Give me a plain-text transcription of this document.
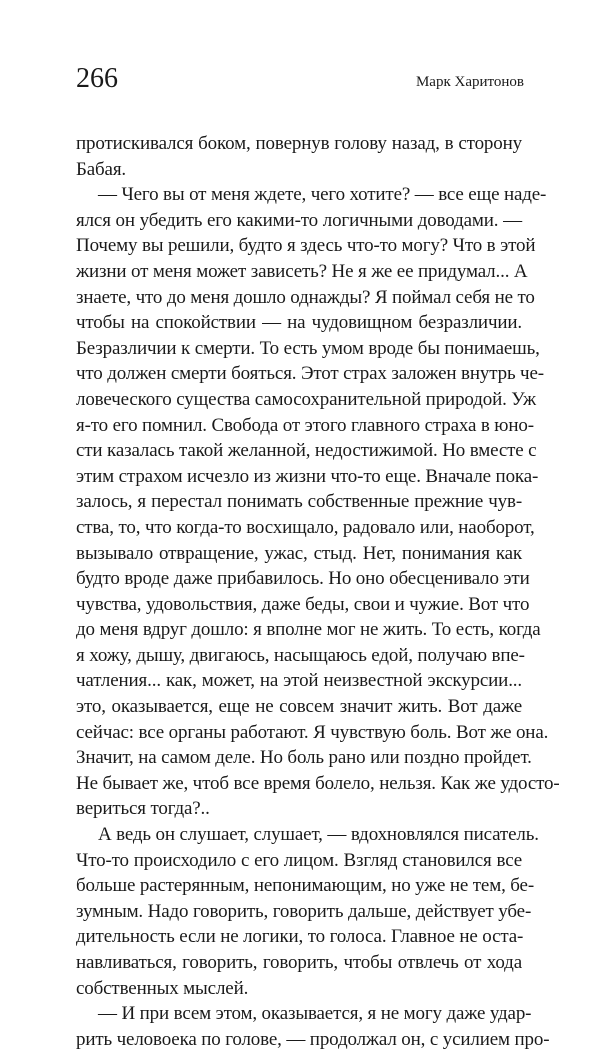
266	Марк Харитонов
протискивался боком, повернув голову назад, в сторону
Бабая.
— Чего вы от меня ждете, чего хотите? — все еще наде-
ялся он убедить его какими-то логичными доводами. —
Почему вы решили, будто я здесь что-то могу? Что в этой
жизни от меня может зависеть? Не я же ее придумал... А
знаете, что до меня дошло однажды? Я поймал себя не то
чтобы на спокойствии — на чудовищном безразличии.
Безразличии к смерти. То есть умом вроде бы понимаешь,
что должен смерти бояться. Этот страх заложен внутрь че-
ловеческого существа самосохранительной природой. Уж
я-то его помнил. Свобода от этого главного страха в юно-
сти казалась такой желанной, недостижимой. Но вместе с
этим страхом исчезло из жизни что-то еще. Вначале пока-
залось, я перестал понимать собственные прежние чув-
ства, то, что когда-то восхищало, радовало или, наоборот,
вызывало отвращение, ужас, стыд. Нет, понимания как
будто вроде даже прибавилось. Но оно обесценивало эти
чувства, удовольствия, даже беды, свои и чужие. Вот что
до меня вдруг дошло: я вполне мог не жить. То есть, когда
я хожу, дышу, двигаюсь, насыщаюсь едой, получаю впе-
чатления... как, может, на этой неизвестной экскурсии...
это, оказывается, еще не совсем значит жить. Вот даже
сейчас: все органы работают. Я чувствую боль. Вот же она.
Значит, на самом деле. Но боль рано или поздно пройдет.
Не бывает же, чтоб все время болело, нельзя. Как же удосто-
вериться тогда?..
А ведь он слушает, слушает, — вдохновлялся писатель.
Что-то происходило с его лицом. Взгляд становился все
больше растерянным, непонимающим, но уже не тем, бе-
зумным. Надо говорить, говорить дальше, действует убе-
дительность если не логики, то голоса. Главное не оста-
навливаться, говорить, говорить, чтобы отвлечь от хода
собственных мыслей.
— И при всем этом, оказывается, я не могу даже удар-
рить человоека по голове, — продолжал он, с усилием про-
